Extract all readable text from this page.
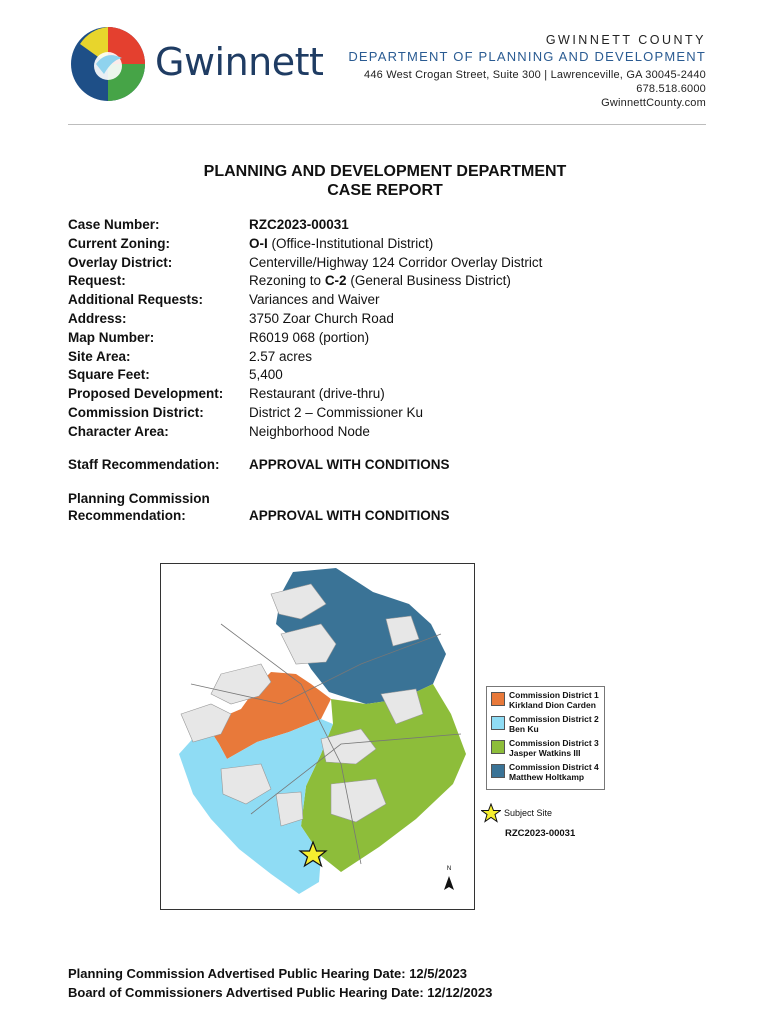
Gwinnett	GWINNETT COUNTY
DEPARTMENT OF PLANNING AND DEVELOPMENT
446 West Crogan Street, Suite 300 | Lawrenceville, GA 30045-2440
678.518.6000
GwinnettCounty.com
PLANNING AND DEVELOPMENT DEPARTMENT
CASE REPORT
Case Number:	RZC2023-00031
Current Zoning:	O-I (Office-Institutional District)
Overlay District:	Centerville/Highway 124 Corridor Overlay District
Request:	Rezoning to C-2 (General Business District)
Additional Requests:	Variances and Waiver
Address:	3750 Zoar Church Road
Map Number:	R6019 068 (portion)
Site Area:	2.57 acres
Square Feet:	5,400
Proposed Development:	Restaurant (drive-thru)
Commission District:	District 2 – Commissioner Ku
Character Area:	Neighborhood Node
Staff Recommendation: APPROVAL WITH CONDITIONS
Planning Commission
Recommendation:	APPROVAL WITH CONDITIONS
N
Commission District 1
Kirkland Dion Carden
Commission District 2
Ben Ku
Commission District 3
Jasper Watkins III
Commission District 4
Matthew Holtkamp
Subject Site
RZC2023-00031
Planning Commission Advertised Public Hearing Date: 12/5/2023
Board of Commissioners Advertised Public Hearing Date: 12/12/2023
